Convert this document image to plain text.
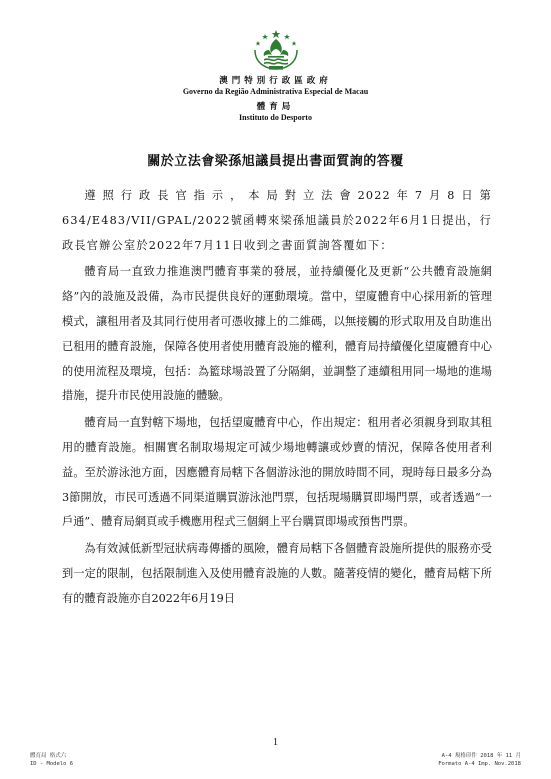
澳門特別行政區政府
Governo da Região Administrativa Especial de Macau
體育局
Instituto do Desporto
關於立法會梁孫旭議員提出書面質詢的答覆

遵照行政長官指示，本局對立法會2022年7月8日第634/E483/VII/GPAL/2022號函轉來梁孫旭議員於2022年6月1日提出，行政長官辦公室於2022年7月11日收到之書面質詢答覆如下：

體育局一直致力推進澳門體育事業的發展，並持續優化及更新“公共體育設施網絡”內的設施及設備，為市民提供良好的運動環境。當中，望廈體育中心採用新的管理模式，讓租用者及其同行使用者可憑收據上的二維碼，以無接觸的形式取用及自助進出已租用的體育設施，保障各使用者使用體育設施的權利，體育局持續優化望廈體育中心的使用流程及環境，包括：為籃球場設置了分隔網，並調整了連續租用同一場地的進場措施，提升市民使用設施的體驗。

體育局一直對轄下場地，包括望廈體育中心，作出規定：租用者必須親身到取其租用的體育設施。相關實名制取場規定可減少場地轉讓或炒賣的情況，保障各使用者利益。至於游泳池方面，因應體育局轄下各個游泳池的開放時間不同，現時每日最多分為3節開放，市民可透過不同渠道購買游泳池門票，包括現場購買即場門票，或者透過“一戶通”、體育局網頁或手機應用程式三個網上平台購買即場或預售門票。

為有效減低新型冠狀病毒傳播的風險，體育局轄下各個體育設施所提供的服務亦受到一定的限制，包括限制進入及使用體育設施的人數。隨著疫情的變化，體育局轄下所有的體育設施亦自2022年6月19日

1
體育局 格式六
ID - Modelo 6
A-4 規格印件 2018 年 11 月
Formato A-4 Imp. Nov.2018
